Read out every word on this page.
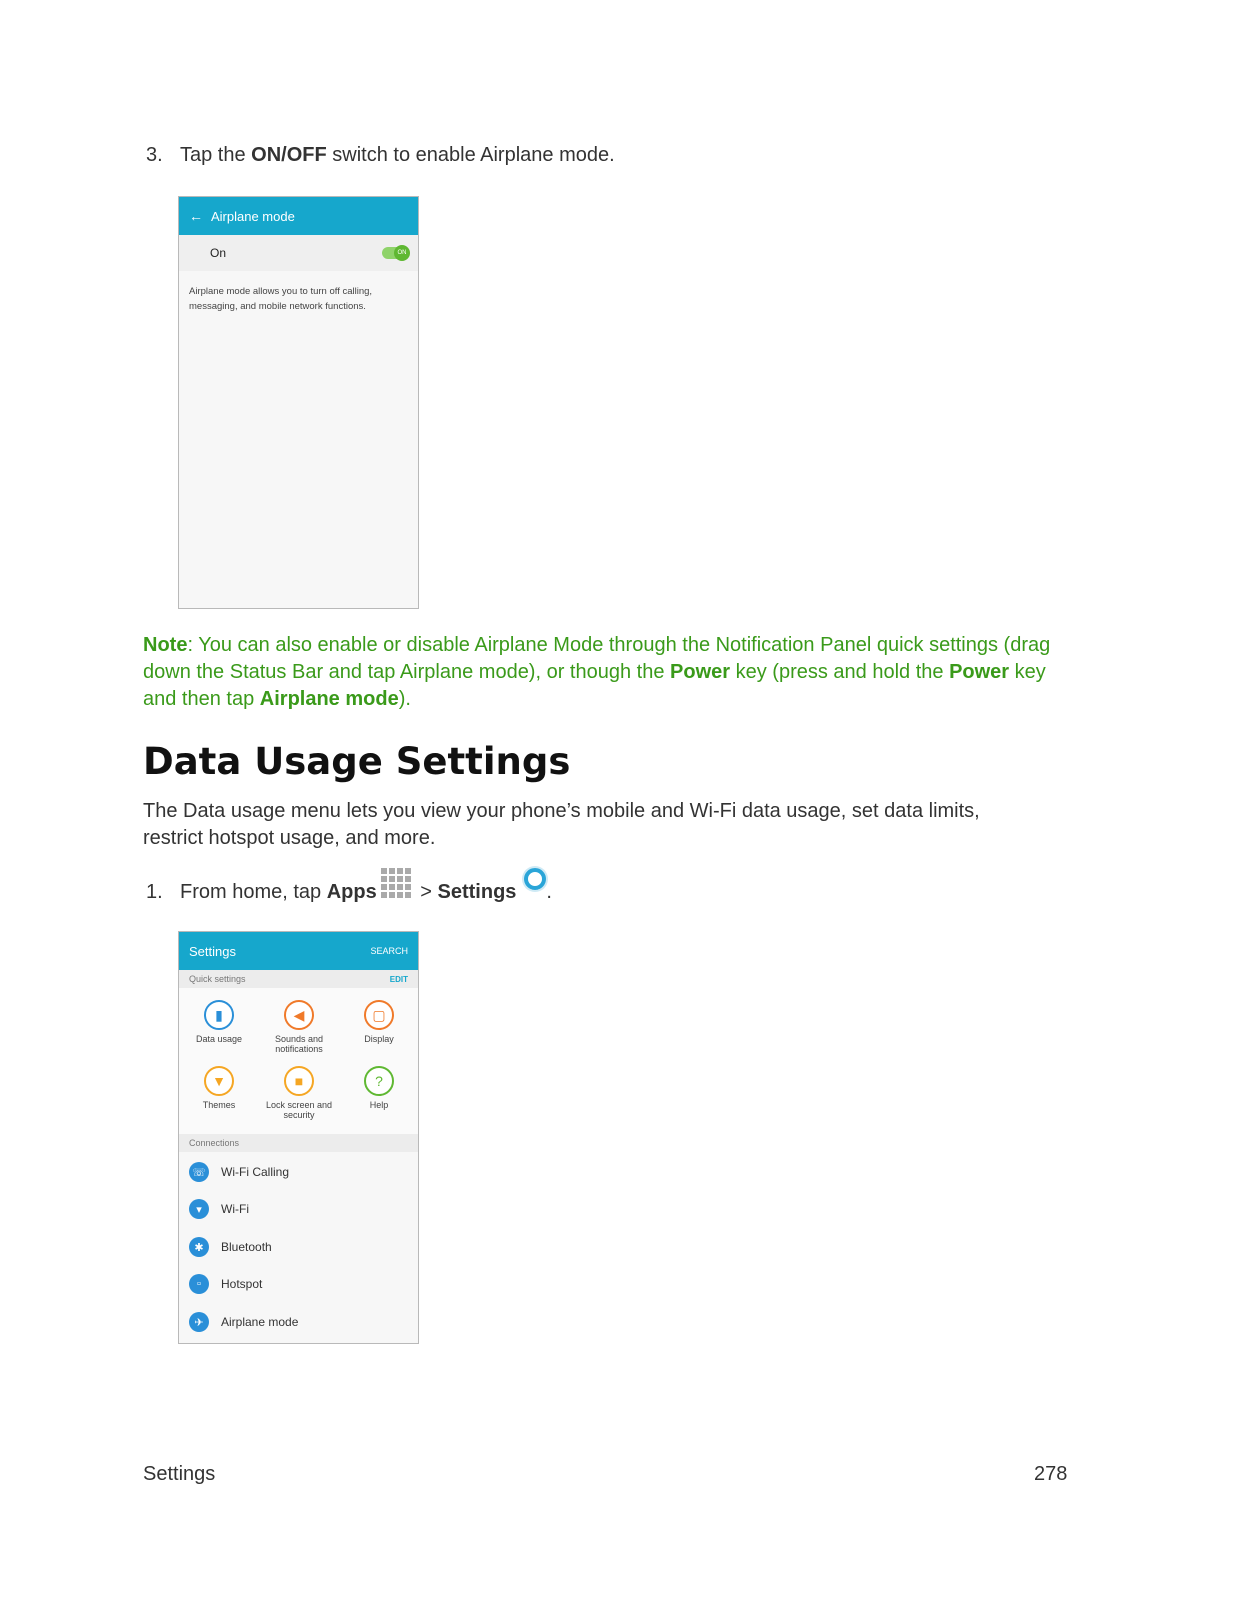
3. Tap the ON/OFF switch to enable Airplane mode.
← Airplane mode
On	ON
Airplane mode allows you to turn off calling, messaging, and mobile network functions.
Note: You can also enable or disable Airplane Mode through the Notification Panel quick settings (drag down the Status Bar and tap Airplane mode), or though the Power key (press and hold the Power key and then tap Airplane mode).
Data Usage Settings
The Data usage menu lets you view your phone’s mobile and Wi-Fi data usage, set data limits, restrict hotspot usage, and more.
1. From home, tap Apps > Settings .
Settings	SEARCH
Quick settings	EDIT
▮
Data usage
◀
Sounds and notifications
▢
Display
▼
Themes
■
Lock screen and security
?
Help
Connections
☏ Wi-Fi Calling
▾	Wi-Fi
✱	Bluetooth
▫	Hotspot
✈	Airplane mode
Settings	278
